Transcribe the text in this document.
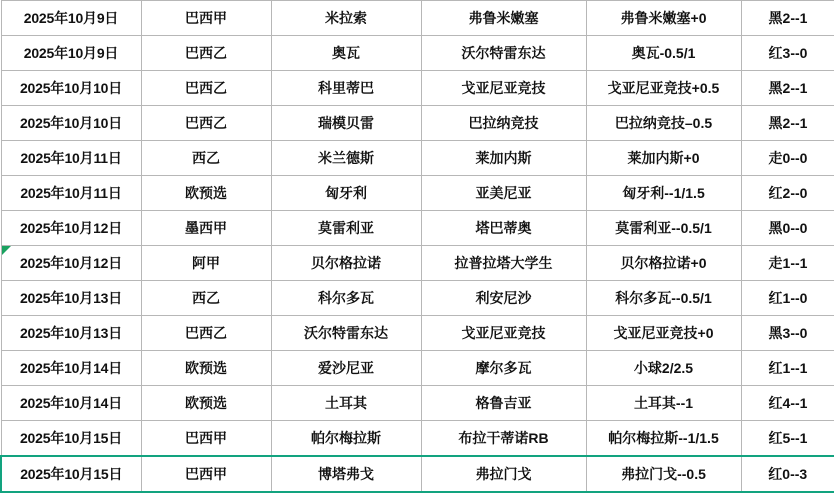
2025年10月9日	巴西甲	米拉索	弗鲁米嫩塞	弗鲁米嫩塞+0	黑2--1
2025年10月9日	巴西乙	奥瓦	沃尔特雷东达	奥瓦-0.5/1	红3--0
2025年10月10日	巴西乙	科里蒂巴	戈亚尼亚竞技	戈亚尼亚竞技+0.5	黑2--1
2025年10月10日	巴西乙	瑞模贝雷	巴拉纳竞技	巴拉纳竞技–0.5	黑2--1
2025年10月11日	西乙	米兰德斯	莱加内斯	莱加内斯+0	走0--0
2025年10月11日	欧预选	匈牙利	亚美尼亚	匈牙利--1/1.5	红2--0
2025年10月12日	墨西甲	莫雷利亚	塔巴蒂奥	莫雷利亚--0.5/1	黑0--0
2025年10月12日	阿甲	贝尔格拉诺	拉普拉塔大学生	贝尔格拉诺+0	走1--1
2025年10月13日	西乙	科尔多瓦	利安尼沙	科尔多瓦--0.5/1	红1--0
2025年10月13日	巴西乙	沃尔特雷东达	戈亚尼亚竞技	戈亚尼亚竞技+0	黑3--0
2025年10月14日	欧预选	爱沙尼亚	摩尔多瓦	小球2/2.5	红1--1
2025年10月14日	欧预选	土耳其	格鲁吉亚	土耳其--1	红4--1
2025年10月15日	巴西甲	帕尔梅拉斯	布拉干蒂诺RB	帕尔梅拉斯--1/1.5	红5--1
2025年10月15日	巴西甲	博塔弗戈	弗拉门戈	弗拉门戈--0.5	红0--3
